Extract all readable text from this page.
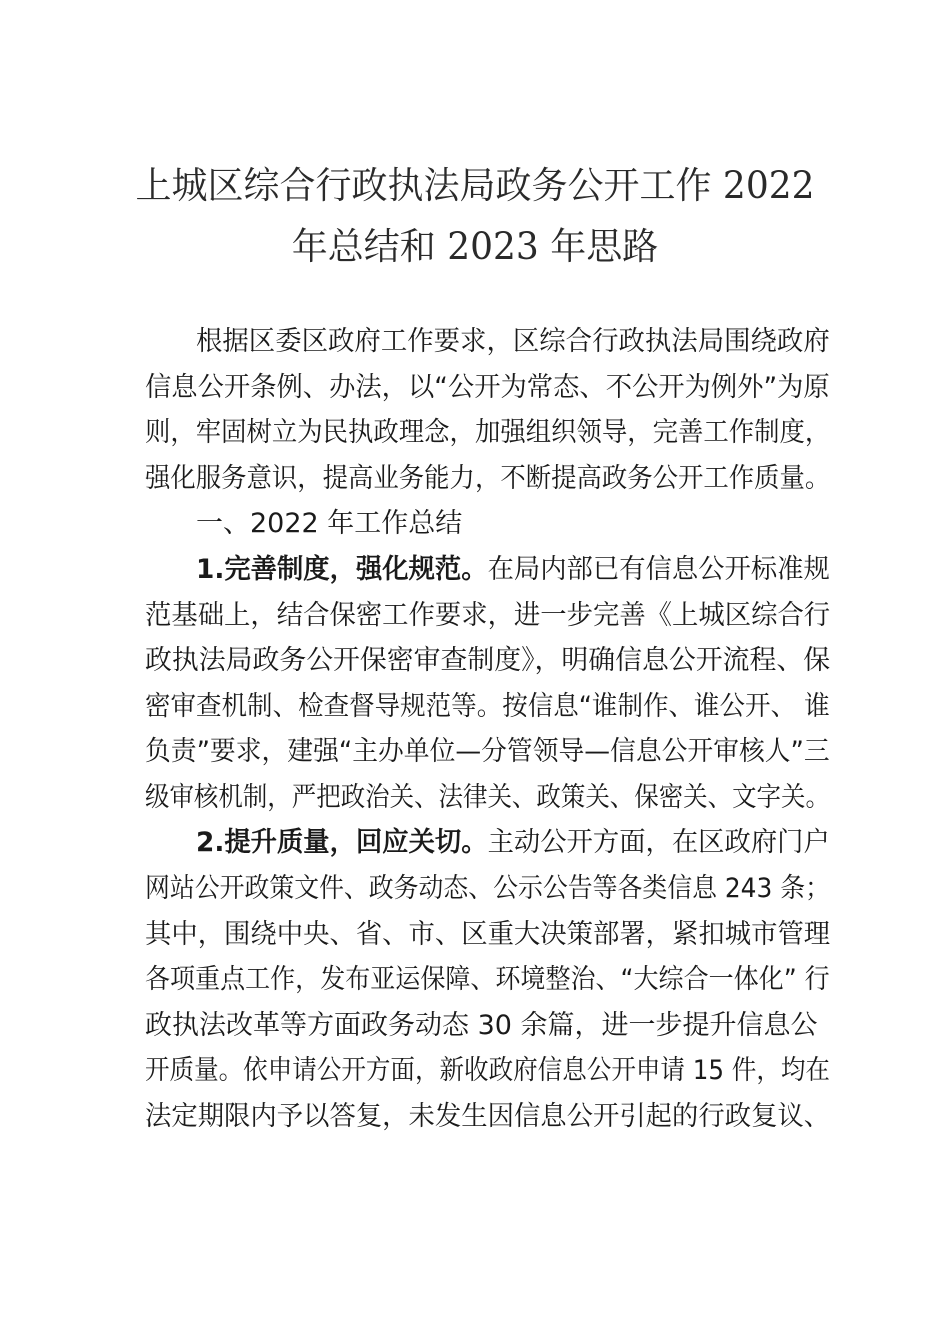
上城区综合行政执法局政务公开工作 2022
年总结和 2023 年思路
根据区委区政府工作要求，区综合行政执法局围绕政府
信息公开条例、办法，以“公开为常态、不公开为例外”为原
则，牢固树立为民执政理念，加强组织领导，完善工作制度，
强化服务意识，提高业务能力，不断提高政务公开工作质量。
一、2022 年工作总结
1.完善制度，强化规范。在局内部已有信息公开标准规
范基础上，结合保密工作要求，进一步完善《上城区综合行
政执法局政务公开保密审查制度》，明确信息公开流程、保
密审查机制、检查督导规范等。按信息“谁制作、谁公开、 谁
负责”要求，建强“主办单位—分管领导—信息公开审核人”三
级审核机制，严把政治关、法律关、政策关、保密关、文字关。
2.提升质量，回应关切。主动公开方面，在区政府门户
网站公开政策文件、政务动态、公示公告等各类信息 243 条；
其中，围绕中央、省、市、区重大决策部署，紧扣城市管理
各项重点工作，发布亚运保障、环境整治、“大综合一体化” 行
政执法改革等方面政务动态 30 余篇，进一步提升信息公
开质量。依申请公开方面，新收政府信息公开申请 15 件，均在
法定期限内予以答复，未发生因信息公开引起的行政复议、
